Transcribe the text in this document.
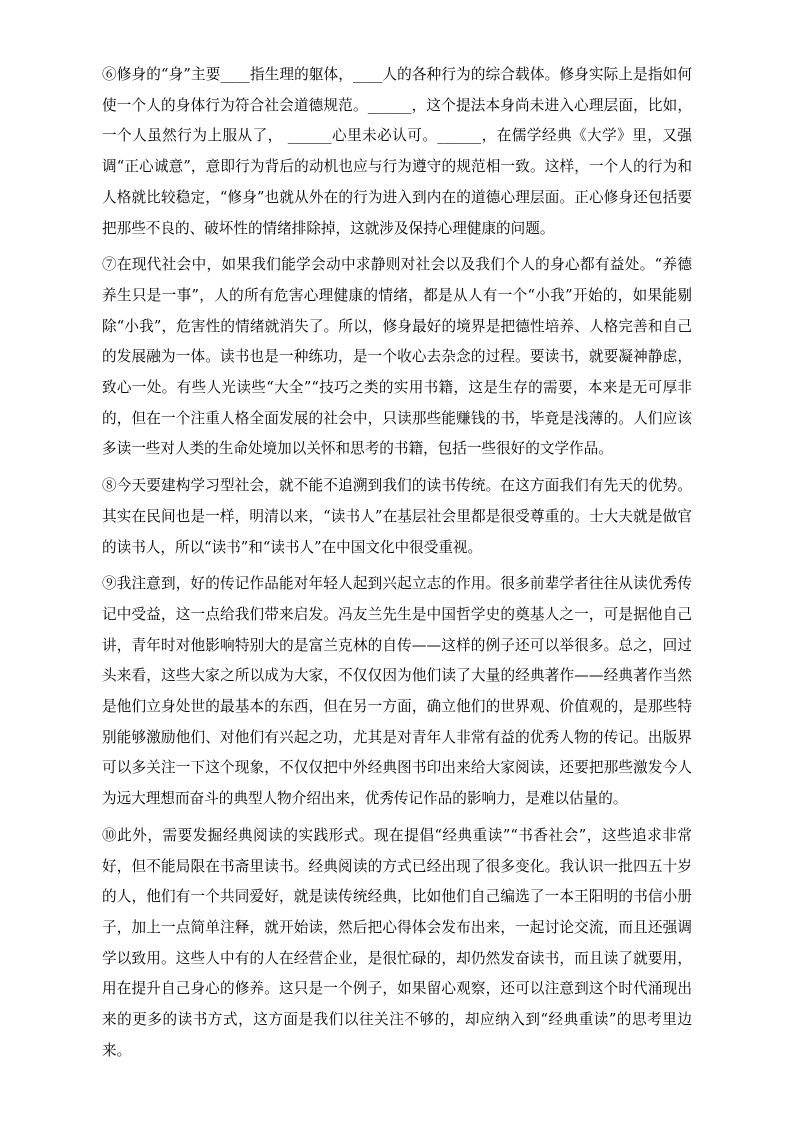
⑥修身的“身”主要____指生理的躯体，____人的各种行为的综合载体。修身实际上是指如何使一个人的身体行为符合社会道德规范。______，这个提法本身尚未进入心理层面，比如，一个人虽然行为上服从了， ______心里未必认可。______，在儒学经典《大学》里，又强调“正心诚意”，意即行为背后的动机也应与行为遵守的规范相一致。这样，一个人的行为和人格就比较稳定，“修身”也就从外在的行为进入到内在的道德心理层面。正心修身还包括要把那些不良的、破坏性的情绪排除掉，这就涉及保持心理健康的问题。

⑦在现代社会中，如果我们能学会动中求静则对社会以及我们个人的身心都有益处。“养德养生只是一事”，人的所有危害心理健康的情绪，都是从人有一个“小我”开始的，如果能剔除“小我”，危害性的情绪就消失了。所以，修身最好的境界是把德性培养、人格完善和自己的发展融为一体。读书也是一种练功，是一个收心去杂念的过程。要读书，就要凝神静虑，致心一处。有些人光读些“大全”“技巧之类的实用书籍，这是生存的需要，本来是无可厚非的，但在一个注重人格全面发展的社会中，只读那些能赚钱的书，毕竟是浅薄的。人们应该多读一些对人类的生命处境加以关怀和思考的书籍，包括一些很好的文学作品。

⑧今天要建构学习型社会，就不能不追溯到我们的读书传统。在这方面我们有先天的优势。其实在民间也是一样，明清以来，“读书人”在基层社会里都是很受尊重的。士大夫就是做官的读书人，所以“读书”和“读书人”在中国文化中很受重视。

⑨我注意到，好的传记作品能对年轻人起到兴起立志的作用。很多前辈学者往往从读优秀传记中受益，这一点给我们带来启发。冯友兰先生是中国哲学史的奠基人之一，可是据他自己讲，青年时对他影响特别大的是富兰克林的自传——这样的例子还可以举很多。总之，回过头来看，这些大家之所以成为大家，不仅仅因为他们读了大量的经典著作——经典著作当然是他们立身处世的最基本的东西，但在另一方面，确立他们的世界观、价值观的，是那些特别能够激励他们、对他们有兴起之功，尤其是对青年人非常有益的优秀人物的传记。出版界可以多关注一下这个现象，不仅仅把中外经典图书印出来给大家阅读，还要把那些激发今人为远大理想而奋斗的典型人物介绍出来，优秀传记作品的影响力，是难以估量的。

⑩此外，需要发掘经典阅读的实践形式。现在提倡“经典重读”“书香社会”，这些追求非常好，但不能局限在书斋里读书。经典阅读的方式已经出现了很多变化。我认识一批四五十岁的人，他们有一个共同爱好，就是读传统经典，比如他们自己编选了一本王阳明的书信小册子，加上一点简单注释，就开始读，然后把心得体会发布出来，一起讨论交流，而且还强调学以致用。这些人中有的人在经营企业，是很忙碌的，却仍然发奋读书，而且读了就要用，用在提升自己身心的修养。这只是一个例子，如果留心观察，还可以注意到这个时代涌现出来的更多的读书方式，这方面是我们以往关注不够的，却应纳入到“经典重读”的思考里边来。
